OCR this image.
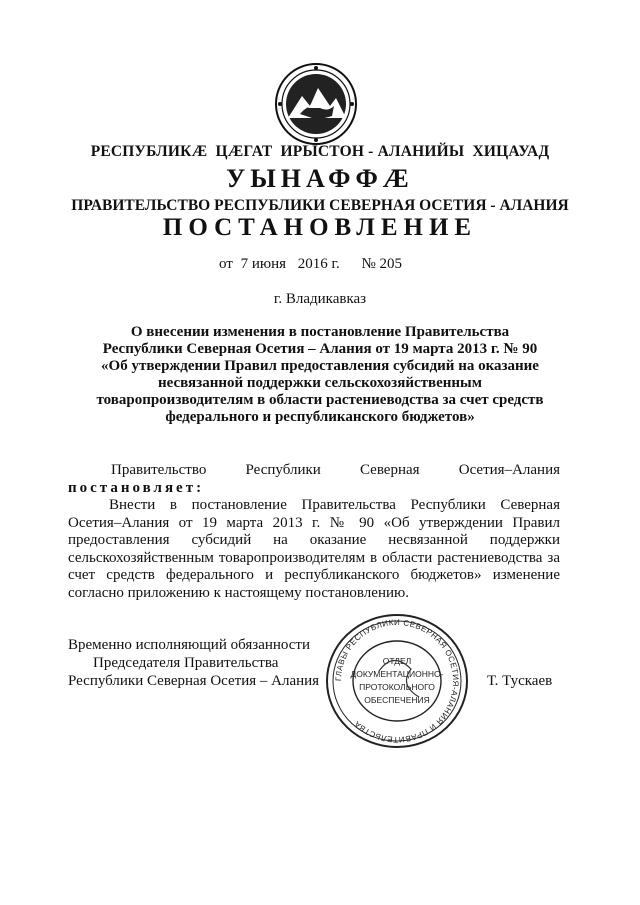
РЕСПУБЛИКӔ  ЦӔГАТ  ИРЫСТОН - АЛАНИЙЫ  ХИЦАУАД
УЫНАФФӔ
ПРАВИТЕЛЬСТВО РЕСПУБЛИКИ СЕВЕРНАЯ ОСЕТИЯ - АЛАНИЯ
ПОСТАНОВЛЕНИЕ
от 7 июня 2016 г. № 205
г. Владикавказ
О внесении изменения в постановление Правительства
Республики Северная Осетия – Алания от 19 марта 2013 г. № 90
«Об утверждении Правил предоставления субсидий на оказание
несвязанной поддержки сельскохозяйственным
товаропроизводителям в области растениеводства за счет средств
федерального и республиканского бюджетов»
Правительство	Республики	Северная	Осетия–Алания
постановляет:
Внести в постановление Правительства Республики Северная Осетия–Алания от 19 марта 2013 г. № 90 «Об утверждении Правил предоставления субсидий на оказание несвязанной поддержки сельскохозяйственным товаропроизводителям в области растениеводства за счет средств федерального и республиканского бюджетов» изменение согласно приложению к настоящему постановлению.
Временно исполняющий обязанности
Председателя Правительства
Республики Северная Осетия – Алания	Т. Тускаев
ГЛАВЫ РЕСПУБЛИКИ СЕВЕРНАЯ ОСЕТИЯ-АЛАНИЯ И ПРАВИТЕЛЬСТВА
ОТДЕЛ
ДОКУМЕНТАЦИОННО-
ПРОТОКОЛЬНОГО
ОБЕСПЕЧЕНИЯ
